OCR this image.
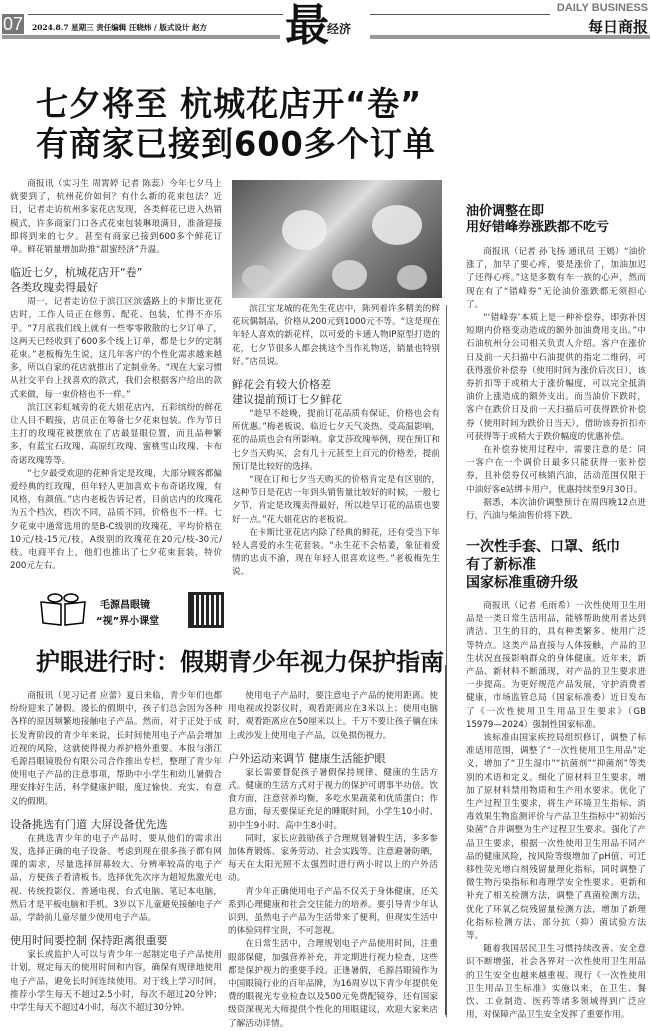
07 2024.8.7 星期三 责任编辑 汪晓炜 / 版式设计 赵方 最
经济
DAILY BUSINESS
每日商报
七夕将至 杭城花店开“卷”
有商家已接到600多个订单

商报讯（实习生 周霄婷 记者 陈蕊）今年七夕马上就要到了，杭州花价如何？有什么新的花束包法？近日，记者走访杭州多家花店发现，各类鲜花已进入热销模式，许多商家门口各式花束包装琳琅满目，准备迎接即将到来的七夕。甚至有商家已接到600多个鲜花订单。鲜花销量增加助推“甜蜜经济”升温。

临近七夕，杭城花店开“卷”
各类玫瑰卖得最好

周一，记者走访位于滨江区滨盛路上的卡斯比亚花店时，工作人员正在修剪、配花、包装，忙得不亦乐乎。“7月底我们线上就有一些零零散散的七夕订单了，这两天已经收到了600多个线上订单，都是七夕的定制花束。”老板梅先生说，这几年客户的个性化需求越来越多，所以自家的花店就推出了定制业务。“现在大家习惯从社交平台上找喜欢的款式，我们会根据客户给出的款式来做，每一束价格也不一样。”

滨江区彩虹城旁的花大姐花店内，五彩缤纷的鲜花让人目不暇接，店员正在筹备七夕花束包装。作为节日主打的玫瑰花被摆放在了店最显眼位置，而且品种繁多，有蓝宝石玫瑰、高原红玫瑰、蜜桃雪山玫瑰、卡布奇诺玫瑰等等。

“七夕最受欢迎的花种肯定是玫瑰，大部分顾客都偏爱经典的红玫瑰，但年轻人更加喜欢卡布奇诺玫瑰，有风格，有颜值。”店内老板告诉记者，目前店内的玫瑰花为五个档次，档次不同，品质不同，价格也不一样。七夕花束中通常选用的是B-C级别的玫瑰花，平均价格在10元/枝-15元/枝，A级别的玫瑰花在20元/枝-30元/枝。电商平台上，他们也推出了七夕花束套装，特价200元左右。

滨江宝龙城的花先生花店中，陈列着许多精美的鲜花玩偶制品，价格从200元到1000元不等。“这是现在年轻人喜欢的新花样，以可爱的卡通人物IP原型打造的花，七夕节很多人都会挑这个当作礼物送，销量也特别好。”店员说。

鲜花会有较大价格差
建议提前预订七夕鲜花

“趁早不趁晚，提前订花品质有保证，价格也会有所优惠。”梅老板说，临近七夕天气炎热，受高温影响，花的品质也会有所影响。拿艾莎玫瑰举例，现在预订和七夕当天购买，会有几十元甚至上百元的价格差，提前预订是比较好的选择。

“现在订和七夕当天购买的价格肯定是有区别的，这种节日是花店一年到头销售量比较好的时候，一般七夕节，肯定是玫瑰卖得最好，所以趁早订花的品质也要好一点。”花大姐花店的老板说。

在卡斯比亚花店内除了经典的鲜花，还有受当下年轻人喜爱的永生花套装。“永生花不会枯萎，象征着爱情的忠贞不渝，现在年轻人很喜欢这些。”老板梅先生说。

油价调整在即
用好错峰券涨跌都不吃亏

商报讯（记者 孙飞扬 通讯员 王嫣）“油价涨了，加早了要心疼，要是涨价了，加油加迟了还得心疼。”这是多数有车一族的心声，然而现在有了“错峰券”无论油价涨跌都无须担心了。

“‘错峰券’本质上是一种补偿券，即弥补因短期内价格变动造成的额外加油费用支出。”中石油杭州分公司相关负责人介绍。客户在涨价日及前一天扫描中石油提供的指定二维码，可获得涨价补偿券（使用时间为涨价后次日），该券折扣等于或稍大于涨价幅度，可以完全抵消油价上涨造成的额外支出。而当油价下跌时，客户在跌价日及前一天扫描后可获得跌价补偿券（使用时间为跌价日当天），借助该券折扣亦可获得等于或稍大于跌价幅度的优惠补偿。

在补偿券使用过程中，需要注意的是：同一客户在一个调价日最多只能获得一张补偿券，且补偿券仅可核销汽油，活动范围仅限于中油好客e站绑卡用户，优惠持续至9月30日。

据悉，本次油价调整预计在周四晚12点进行，汽油与柴油售价将下跌。

一次性手套、口罩、纸巾
有了新标准
国家标准重磅升级

商报讯（记者 毛雨希）一次性使用卫生用品是一类日常生活用品，能够帮助使用者达到清洁、卫生的目的，具有种类繁多、使用广泛等特点。这类产品直接与人体接触，产品的卫生状况直接影响群众的身体健康。近年来，新产品、新材料不断涌现，对产品的卫生要求进一步提高。为更好规范产品发展，守护消费者健康，市场监管总局（国家标准委）近日发布了《一次性使用卫生用品卫生要求》（GB 15979—2024）强制性国家标准。

该标准由国家疾控局组织修订，调整了标准适用范围，调整了“一次性使用卫生用品”定义，增加了“卫生湿巾”“抗菌剂”“抑菌剂”等类别的术语和定义。细化了原材料卫生要求，增加了原材料禁用物质和生产用水要求。优化了生产过程卫生要求，将生产环境卫生指标、消毒效果生物监测评价与产品卫生指标中“初始污染菌”合并调整为生产过程卫生要求。强化了产品卫生要求，根据一次性使用卫生用品不同产品的健康风险，按风险等级增加了pH值、可迁移性荧光增白剂残留量理化指标，同时调整了微生物污染指标和毒理学安全性要求。更新和补充了相关检测方法，调整了真菌检测方法，优化了环氧乙烷残留量检测方法，增加了新理化指标检测方法、部分抗（抑）菌试验方法等。

随着我国居民卫生习惯持续改善、安全意识不断增强，社会各界对一次性使用卫生用品的卫生安全也越来越重视。现行《一次性使用卫生用品卫生标准》实施以来，在卫生、餐饮、工业制造、医药等诸多领域得到广泛应用，对保障产品卫生安全发挥了重要作用。

毛源昌眼镜
“视”界小课堂
护眼进行时：假期青少年视力保护指南

商报讯（见习记者 应蕾）夏日来临，青少年们也都纷纷迎来了暑假。漫长的假期中，孩子们总会因为各种各样的原因频繁地接触电子产品。然而，对于正处于成长发育阶段的青少年来说，长时间使用电子产品会增加近视的风险，这就使得视力养护格外重要。本报与浙江毛源昌眼镜股份有限公司合作推出专栏，整理了青少年使用电子产品的注意事项，帮助中小学生和幼儿暑假合理安排好生活，科学健康护眼，度过愉快、充实、有意义的假期。

设备挑选有门道 大屏设备优先选

在挑选青少年的电子产品时，要从他们的需求出发，选择正确的电子设备。考虑到现在很多孩子都有网课的需求，尽量选择屏幕较大、分辨率较高的电子产品，方便孩子看清板书。选择优先次序为超短焦激光电视、传统投影仪、普通电视、台式电脑、笔记本电脑，然后才是平板电脑和手机。3岁以下儿童避免接触电子产品，学龄前儿童尽量少使用电子产品。

使用时间要控制 保持距离很重要

家长或监护人可以与青少年一起制定电子产品使用计划，规定每天的使用时间和内容，确保有规律地使用电子产品，避免长时间连续使用。对于线上学习时间，推荐小学生每天不超过2.5小时，每次不超过20分钟；中学生每天不超过4小时，每次不超过30分钟。

使用电子产品时，要注意电子产品的使用距离。使用电视或投影仪时，观看距离应在3米以上；使用电脑时，观看距离应在50厘米以上。千万不要让孩子躺在床上或沙发上使用电子产品，以免损伤视力。

户外运动来调节 健康生活能护眼

家长需要督促孩子暑假保持规律、健康的生活方式。健康的生活方式对于视力的保护可谓事半功倍。饮食方面，注意营养均衡，多吃水果蔬菜和优质蛋白；作息方面，每天要保证充足的睡眠时间，小学生10小时、初中生9小时、高中生8小时。

同时，家长应鼓励孩子合理规划暑假生活，多多参加体育锻炼、家务劳动、社会实践等。注意避暑防晒，每天在太阳光照不太强烈时进行两小时以上的户外活动。

青少年正确使用电子产品不仅关于身体健康，还关系到心理健康和社会交往能力的培养。要引导青少年认识到，虽然电子产品为生活带来了便利，但现实生活中的体验同样宝贵，不可忽视。

在日常生活中，合理规划电子产品使用时间，注重眼部保健，加强营养补充，并定期进行视力检查，这些都是保护视力的重要手段。正逢暑假，毛源昌眼镜作为中国眼镜行业的百年品牌，为16周岁以下青少年提供免费的眼视光专业检查以及500元免费配镜券，还有国家级资深视光大师提供个性化的用眼建议，欢迎大家来店了解活动详情。
